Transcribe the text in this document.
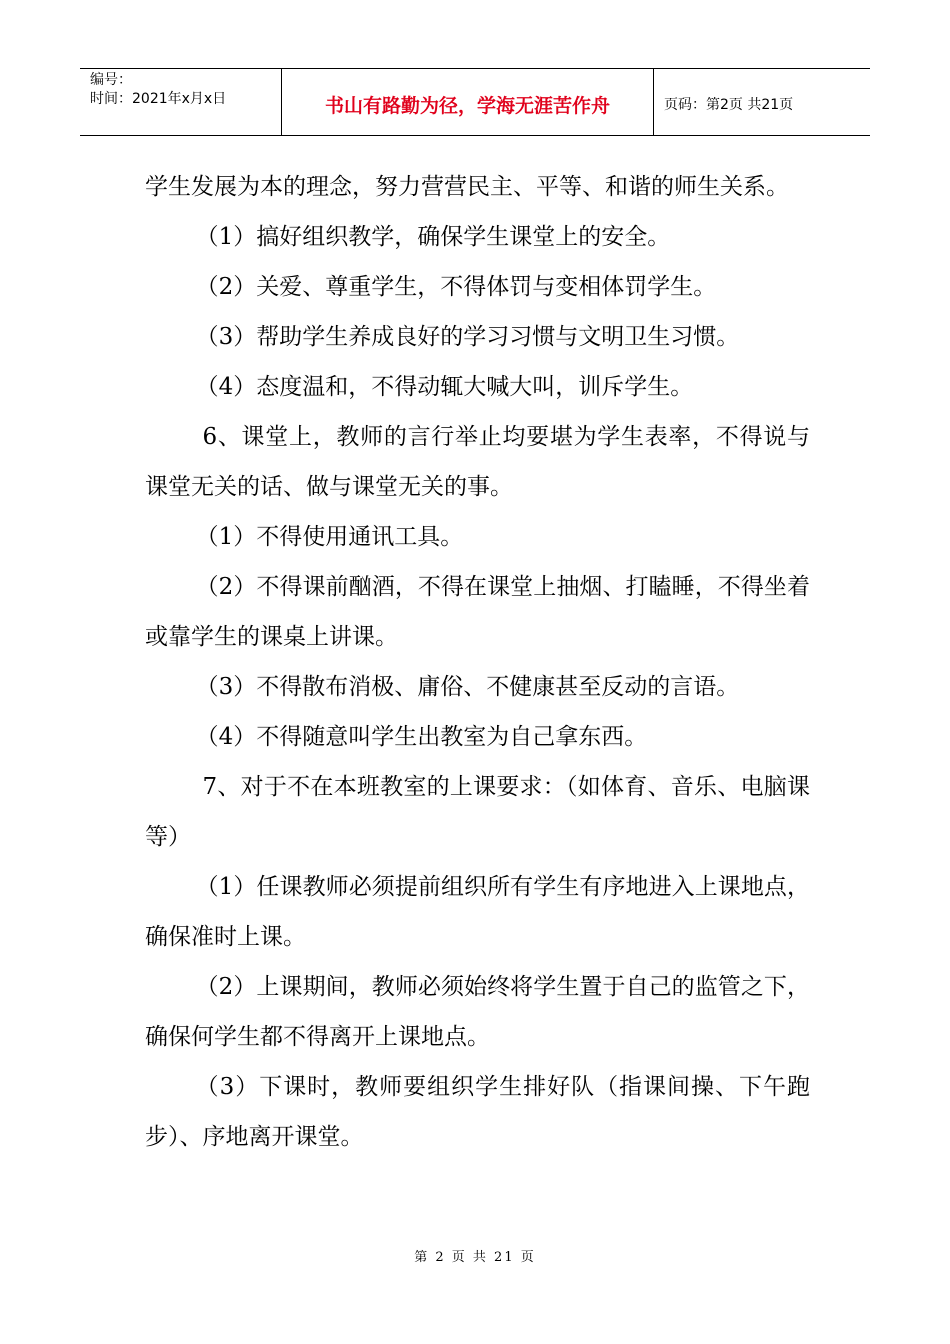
编号：
时间：2021年x月x日	书山有路勤为径，学海无涯苦作舟	页码：第2页 共21页

学生发展为本的理念，努力营营民主、平等、和谐的师生关系。

（1）搞好组织教学，确保学生课堂上的安全。

（2）关爱、尊重学生，不得体罚与变相体罚学生。

（3）帮助学生养成良好的学习习惯与文明卫生习惯。

（4）态度温和，不得动辄大喊大叫，训斥学生。

6、课堂上，教师的言行举止均要堪为学生表率，不得说与课堂无关的话、做与课堂无关的事。

（1）不得使用通讯工具。

（2）不得课前酗酒，不得在课堂上抽烟、打瞌睡，不得坐着或靠学生的课桌上讲课。

（3）不得散布消极、庸俗、不健康甚至反动的言语。

（4）不得随意叫学生出教室为自己拿东西。

7、对于不在本班教室的上课要求：（如体育、音乐、电脑课等）

（1）任课教师必须提前组织所有学生有序地进入上课地点，确保准时上课。

（2）上课期间，教师必须始终将学生置于自己的监管之下，确保何学生都不得离开上课地点。

（3）下课时，教师要组织学生排好队（指课间操、下午跑步）、序地离开课堂。

第 2 页 共 21 页
